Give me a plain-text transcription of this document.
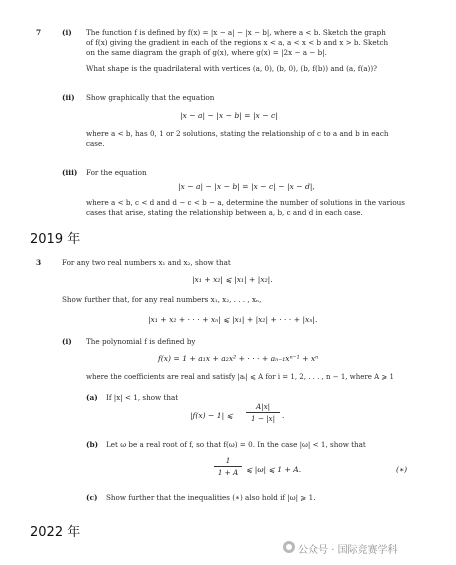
7	(i) The function f is defined by f(x) = |x − a| − |x − b|, where a < b. Sketch the graph
of f(x) giving the gradient in each of the regions x < a, a < x < b and x > b. Sketch
on the same diagram the graph of g(x), where g(x) = |2x − a − b|.
What shape is the quadrilateral with vertices (a, 0), (b, 0), (b, f(b)) and (a, f(a))?
(ii) Show graphically that the equation
|x − a| − |x − b| = |x − c|
where a < b, has 0, 1 or 2 solutions, stating the relationship of c to a and b in each
case.
(iii) For the equation
|x − a| − |x − b| = |x − c| − |x − d|,
where a < b, c < d and d − c < b − a, determine the number of solutions in the various
cases that arise, stating the relationship between a, b, c and d in each case.
2019 年
3	For any two real numbers x₁ and x₂, show that
|x₁ + x₂| ⩽ |x₁| + |x₂|.
Show further that, for any real numbers x₁, x₂, . . . , xₙ,
|x₁ + x₂ + · · · + xₙ| ⩽ |x₁| + |x₂| + · · · + |xₙ|.
(i) The polynomial f is defined by
f(x) = 1 + a₁x + a₂x² + · · · + aₙ₋₁xⁿ⁻¹ + xⁿ
where the coefficients are real and satisfy |aᵢ| ⩽ A for i = 1, 2, . . . , n − 1, where A ⩾ 1
(a) If |x| < 1, show that
|f(x) − 1| ⩽
A|x|
1 − |x| .
(b) Let ω be a real root of f, so that f(ω) = 0. In the case |ω| < 1, show that
1
1 + A	⩽ |ω| ⩽ 1 + A.	(∗)
(c) Show further that the inequalities (∗) also hold if |ω| ⩾ 1.
2022 年
公众号 · 国际竞赛学科
